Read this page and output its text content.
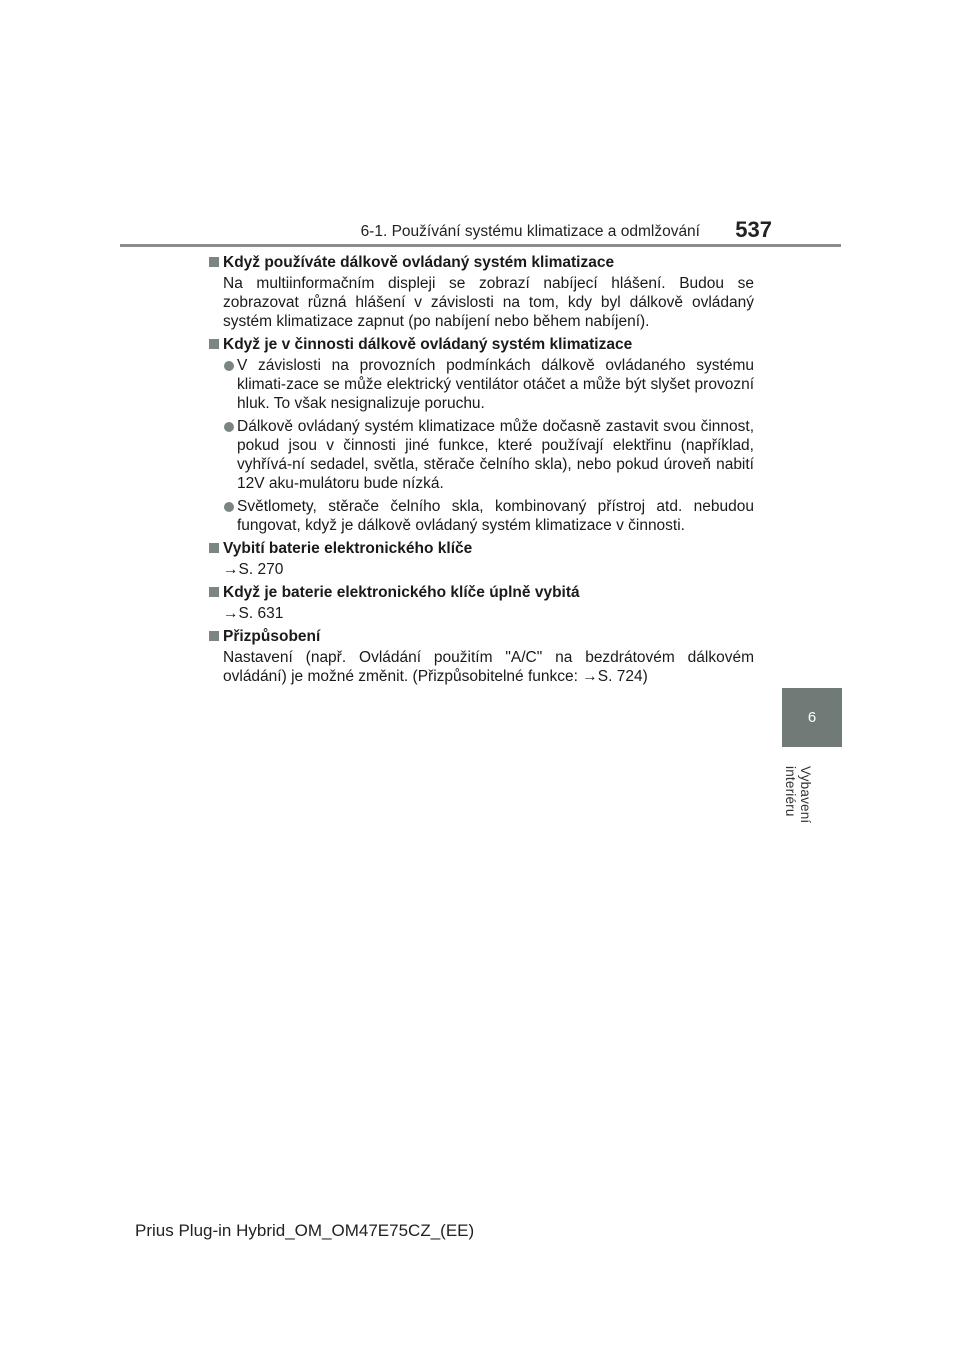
6-1. Používání systému klimatizace a odmlžování 537
6
Vybavení interiéru
Když používáte dálkově ovládaný systém klimatizace
Na multiinformačním displeji se zobrazí nabíjecí hlášení. Budou se zobrazovat různá hlášení v závislosti na tom, kdy byl dálkově ovládaný systém klimatizace zapnut (po nabíjení nebo během nabíjení).
Když je v činnosti dálkově ovládaný systém klimatizace
V závislosti na provozních podmínkách dálkově ovládaného systému klimati-zace se může elektrický ventilátor otáčet a může být slyšet provozní hluk. To však nesignalizuje poruchu.
Dálkově ovládaný systém klimatizace může dočasně zastavit svou činnost, pokud jsou v činnosti jiné funkce, které používají elektřinu (například, vyhřívá-ní sedadel, světla, stěrače čelního skla), nebo pokud úroveň nabití 12V aku-mulátoru bude nízká.
Světlomety, stěrače čelního skla, kombinovaný přístroj atd. nebudou fungovat, když je dálkově ovládaný systém klimatizace v činnosti.
Vybití baterie elektronického klíče
→S. 270
Když je baterie elektronického klíče úplně vybitá
→S. 631
Přizpůsobení
Nastavení (např. Ovládání použitím "A/C" na bezdrátovém dálkovém ovládání) je možné změnit. (Přizpůsobitelné funkce: →S. 724)
Prius Plug-in Hybrid_OM_OM47E75CZ_(EE)
